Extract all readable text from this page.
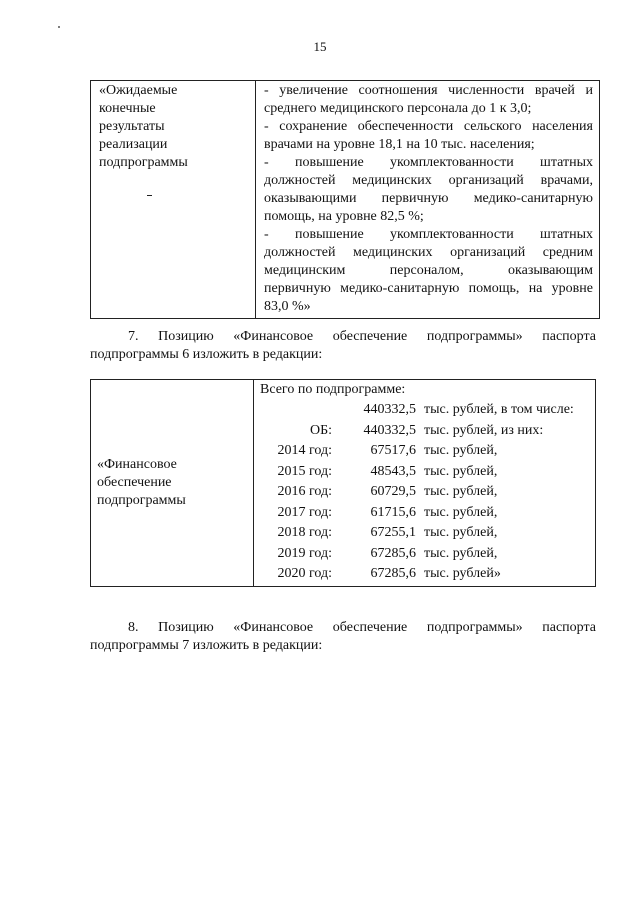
15
«Ожидаемые
конечные
результаты
реализации
подпрограммы

- увеличение соотношения численности врачей и
среднего медицинского персонала до 1 к 3,0;
- сохранение обеспеченности сельского населения
врачами на уровне 18,1 на 10 тыс. населения;
- повышение укомплектованности штатных
должностей медицинских организаций врачами,
оказывающими первичную медико-санитарную
помощь, на уровне 82,5 %;
- повышение укомплектованности штатных
должностей медицинских организаций средним
медицинским персоналом, оказывающим
первичную медико-санитарную помощь, на уровне
83,0 %»

7. Позицию «Финансовое обеспечение подпрограммы» паспорта
подпрограммы 6 изложить в редакции:

«Финансовое
обеспечение
подпрограммы

Всего по подпрограмме:
440332,5 тыс. рублей, в том числе:
ОБ:	440332,5 тыс. рублей, из них:
2014 год:	67517,6 тыс. рублей,
2015 год:	48543,5 тыс. рублей,
2016 год:	60729,5 тыс. рублей,
2017 год:	61715,6 тыс. рублей,
2018 год:	67255,1 тыс. рублей,
2019 год:	67285,6 тыс. рублей,
2020 год:	67285,6 тыс. рублей»

8. Позицию «Финансовое обеспечение подпрограммы» паспорта
подпрограммы 7 изложить в редакции:
